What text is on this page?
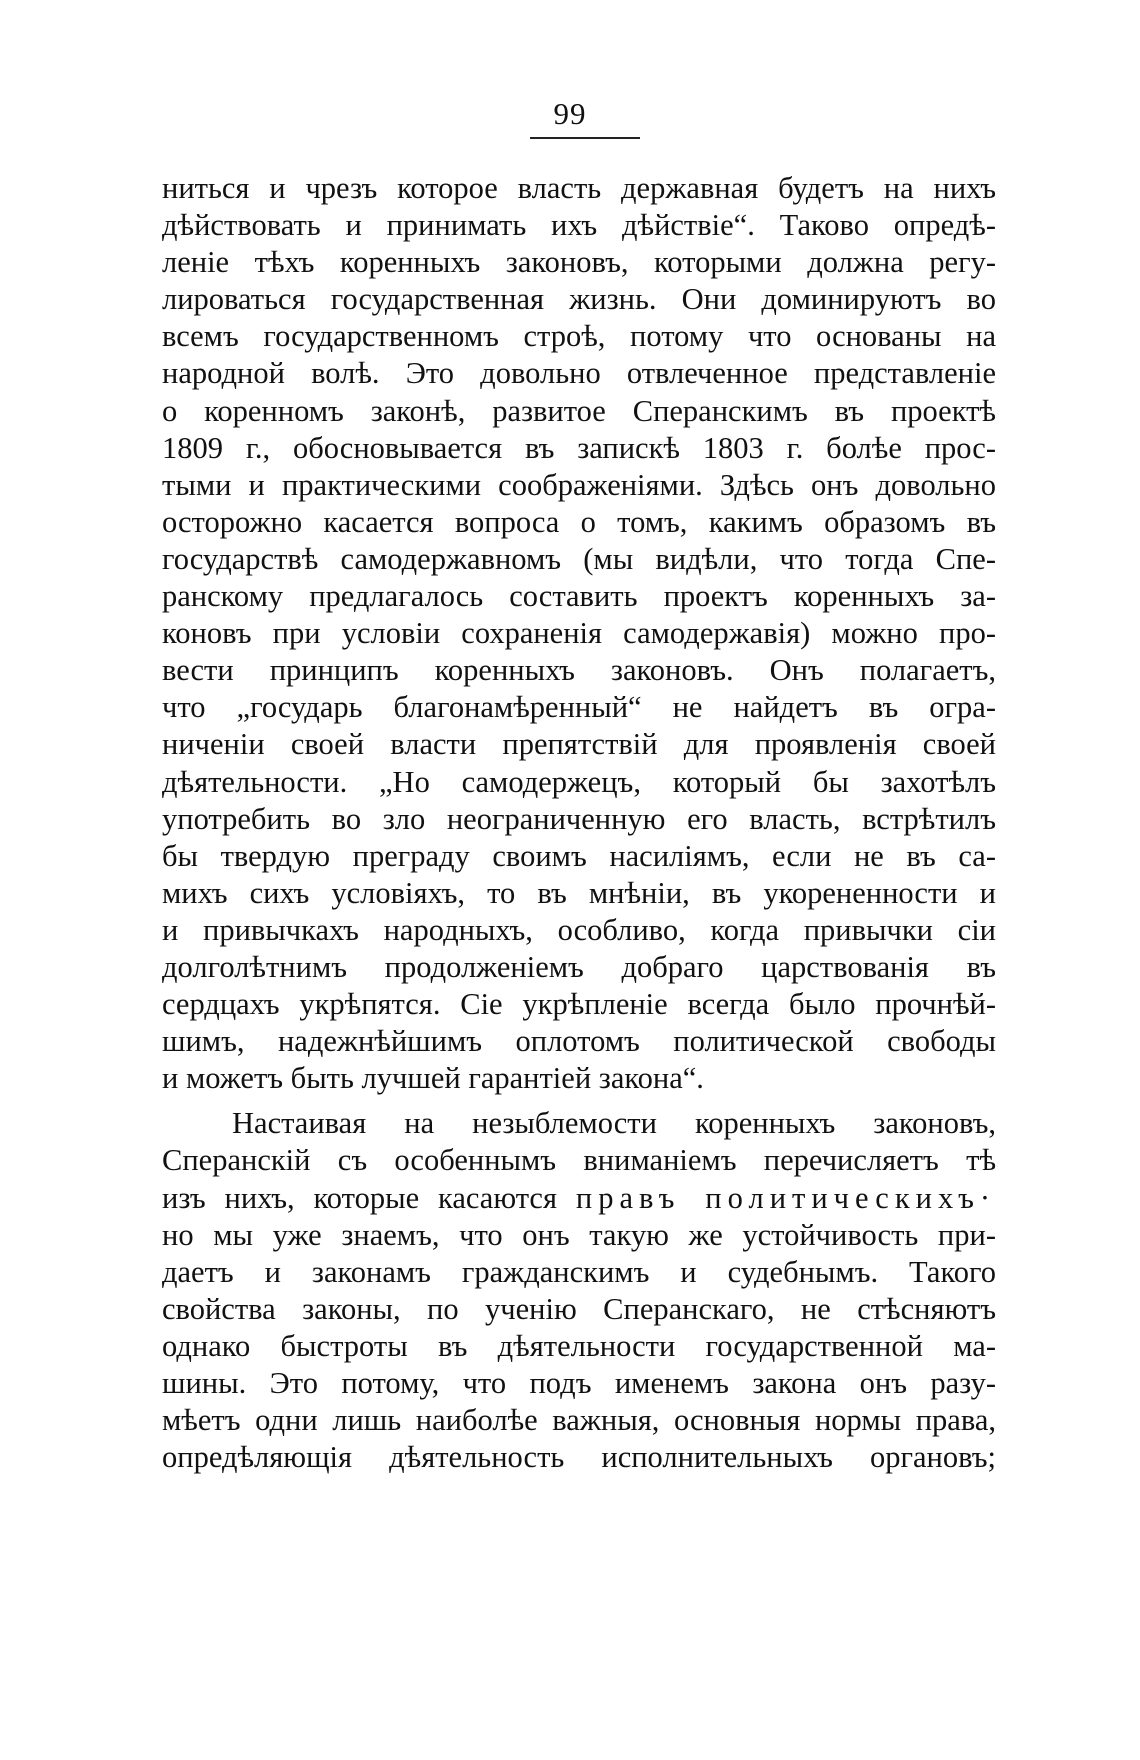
99
ниться и чрезъ которое власть державная будетъ на нихъ
дѣйствовать и принимать ихъ дѣйствіе“. Таково опредѣ-
леніе тѣхъ коренныхъ законовъ, которыми должна регу-
лироваться государственная жизнь. Они доминируютъ во
всемъ государственномъ строѣ, потому что основаны на
народной волѣ. Это довольно отвлеченное представленіе
о коренномъ законѣ, развитое Сперанскимъ въ проектѣ
1809 г., обосновывается въ запискѣ 1803 г. болѣе прос-
тыми и практическими соображеніями. Здѣсь онъ довольно
осторожно касается вопроса о томъ, какимъ образомъ въ
государствѣ самодержавномъ (мы видѣли, что тогда Спе-
ранскому предлагалось составить проектъ коренныхъ за-
коновъ при условіи сохраненія самодержавія) можно про-
вести принципъ коренныхъ законовъ. Онъ полагаетъ,
что „государь благонамѣренный“ не найдетъ въ огра-
ниченіи своей власти препятствій для проявленія своей
дѣятельности. „Но самодержецъ, который бы захотѣлъ
употребить во зло неограниченную его власть, встрѣтилъ
бы твердую преграду своимъ насиліямъ, если не въ са-
михъ сихъ условіяхъ, то въ мнѣніи, въ укорененности и
и привычкахъ народныхъ, особливо, когда привычки сіи
долголѣтнимъ продолженіемъ добраго царствованія въ
сердцахъ укрѣпятся. Сіе укрѣпленіе всегда было прочнѣй-
шимъ, надежнѣйшимъ оплотомъ политической свободы
и можетъ быть лучшей гарантіей закона“.
Настаивая на незыблемости коренныхъ законовъ,
Сперанскій съ особеннымъ вниманіемъ перечисляетъ тѣ
изъ нихъ, которые касаются правъ политическихъ·
но мы уже знаемъ, что онъ такую же устойчивость при-
даетъ и законамъ гражданскимъ и судебнымъ. Такого
свойства законы, по ученію Сперанскаго, не стѣсняютъ
однако быстроты въ дѣятельности государственной ма-
шины. Это потому, что подъ именемъ закона онъ разу-
мѣетъ одни лишь наиболѣе важныя, основныя нормы права,
опредѣляющія дѣятельность исполнительныхъ органовъ;
